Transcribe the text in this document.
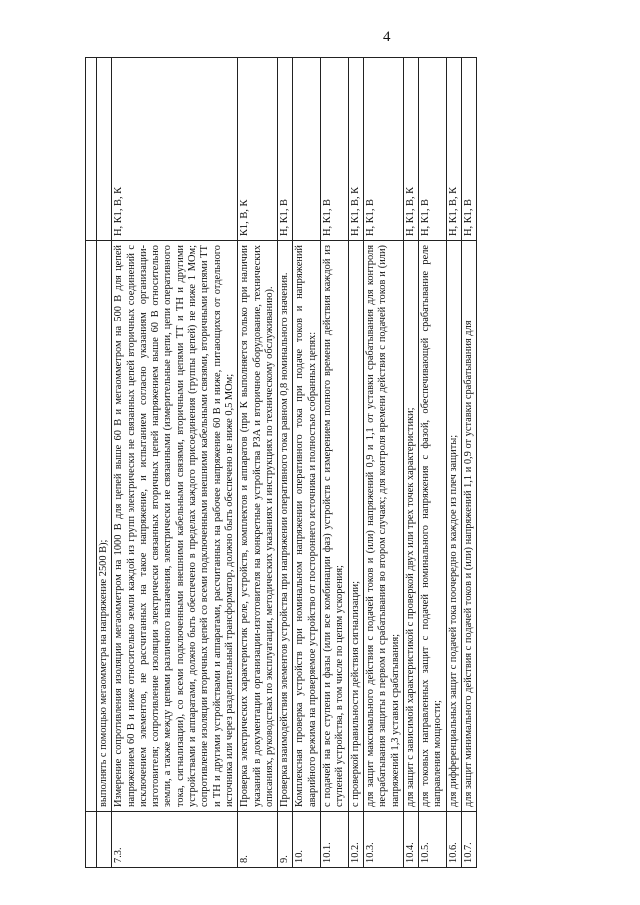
4

	выполнять с помощью мегаомметра на напряжение 2500 В);	
7.3.	Измерение сопротивления изоляции мегаомметром на 1000 В для цепей выше 60 В и мегаомметром на 500 В для цепей напряжением 60 В и ниже относительно земли каждой из групп электрически не связанных цепей вторичных соединений с исключением элементов, не рассчитанных на такое напряжение, и испытанием согласно указаниям организации-изготовителя; сопротивление изоляции электрически связанных вторичных цепей напряжением выше 60 В относительно земли, а также между цепями различного назначения, электрически не связанными (измерительные цепи, цепи оперативного тока, сигнализации), со всеми подключенными внешними кабельными связями, вторичными цепями ТТ и ТН и другими устройствами и аппаратами, должно быть обеспечено в пределах каждого присоединения (группы цепей) не ниже 1 МОм; сопротивление изоляции вторичных цепей со всеми подключенными внешними кабельными связями, вторичными цепями ТТ и ТН и другими устройствами и аппаратами, рассчитанных на рабочее напряжение 60 В и ниже, питающихся от отдельного источника или через разделительный трансформатор, должно быть обеспечено не ниже 0,5 МОм;	Н, К1, В, К
8.	Проверка электрических характеристик реле, устройств, комплектов и аппаратов (при К выполняется только при наличии указаний в документации организации-изготовителя на конкретные устройства РЗА и вторичное оборудование, технических описаниях, руководствах по эксплуатации, методических указаниях и инструкциях по техническому обслуживанию).	К1, В, К
9.	Проверка взаимодействия элементов устройства при напряжении оперативного тока равном 0,8 номинального значения.	Н, К1, В
10.	Комплексная проверка устройств при номинальном напряжении оперативного тока при подаче токов и напряжений аварийного режима на проверяемое устройство от постороннего источника и полностью собранных цепях:	
10.1.	с подачей на все ступени и фазы (или все комбинации фаз) устройств с измерением полного времени действия каждой из ступеней устройства, в том числе по цепям ускорения;	Н, К1, В
10.2.	с проверкой правильности действия сигнализации;	Н, К1, В, К
10.3.	для защит максимального действия с подачей токов и (или) напряжений 0,9 и 1,1 от уставки срабатывания для контроля несрабатывания защиты в первом и срабатывания во втором случаях; для контроля времени действия с подачей токов и (или) напряжений 1,3 уставки срабатывания;	Н, К1, В
10.4.	для защит с зависимой характеристикой с проверкой двух или трех точек характеристики;	Н, К1, В, К
10.5.	для токовых направленных защит с подачей номинального напряжения с фазой, обеспечивающей срабатывание реле направления мощности;	Н, К1, В
10.6.	для дифференциальных защит с подачей тока поочередно в каждое из плеч защиты;	Н, К1, В, К
10.7.	для защит минимального действия с подачей токов и (или) напряжений 1,1 и 0,9 от уставки срабатывания для	Н, К1, В
